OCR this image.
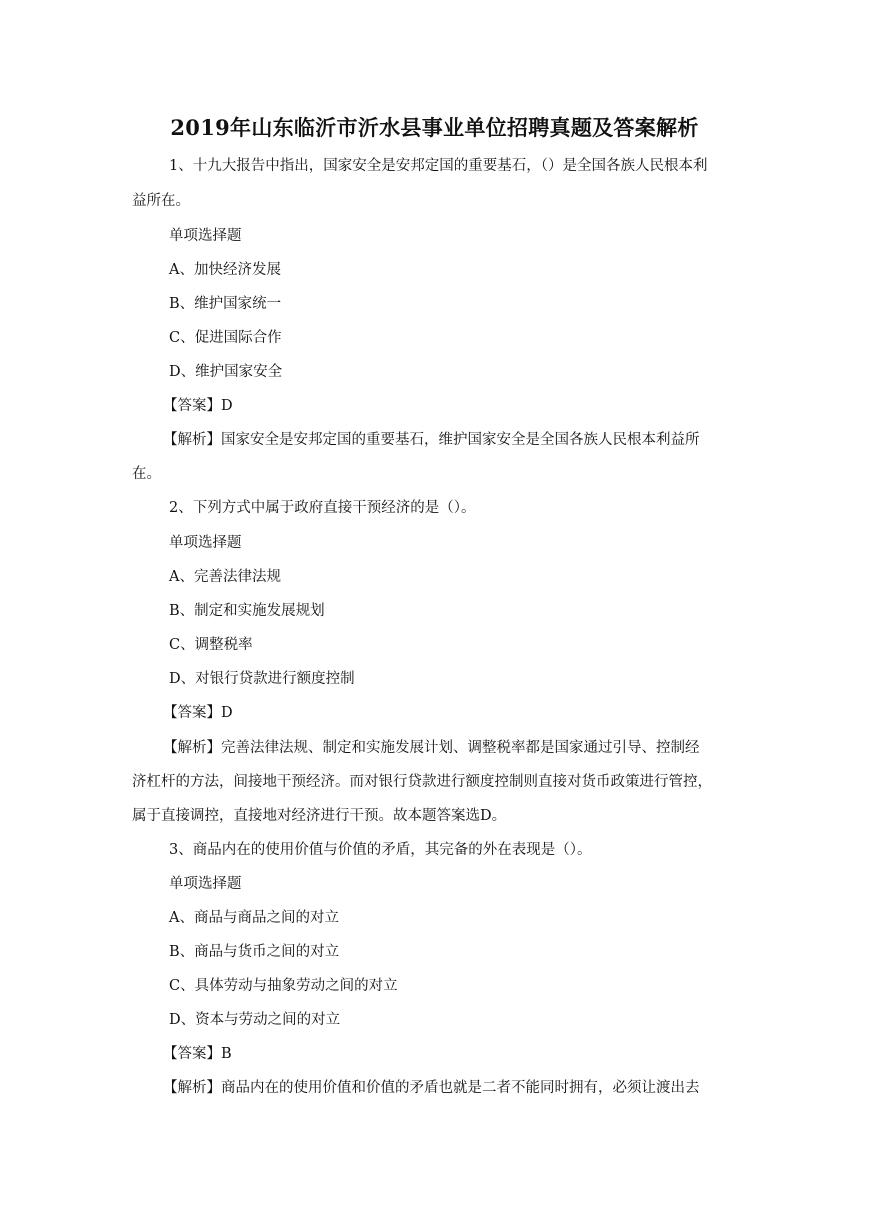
2019年山东临沂市沂水县事业单位招聘真题及答案解析

1、十九大报告中指出，国家安全是安邦定国的重要基石，（）是全国各族人民根本利

益所在。

单项选择题

A、加快经济发展

B、维护国家统一

C、促进国际合作

D、维护国家安全

【答案】D

【解析】国家安全是安邦定国的重要基石，维护国家安全是全国各族人民根本利益所

在。

2、下列方式中属于政府直接干预经济的是（）。

单项选择题

A、完善法律法规

B、制定和实施发展规划

C、调整税率

D、对银行贷款进行额度控制

【答案】D

【解析】完善法律法规、制定和实施发展计划、调整税率都是国家通过引导、控制经

济杠杆的方法，间接地干预经济。而对银行贷款进行额度控制则直接对货币政策进行管控，

属于直接调控，直接地对经济进行干预。故本题答案选D。

3、商品内在的使用价值与价值的矛盾，其完备的外在表现是（）。

单项选择题

A、商品与商品之间的对立

B、商品与货币之间的对立

C、具体劳动与抽象劳动之间的对立

D、资本与劳动之间的对立

【答案】B

【解析】商品内在的使用价值和价值的矛盾也就是二者不能同时拥有，必须让渡出去
